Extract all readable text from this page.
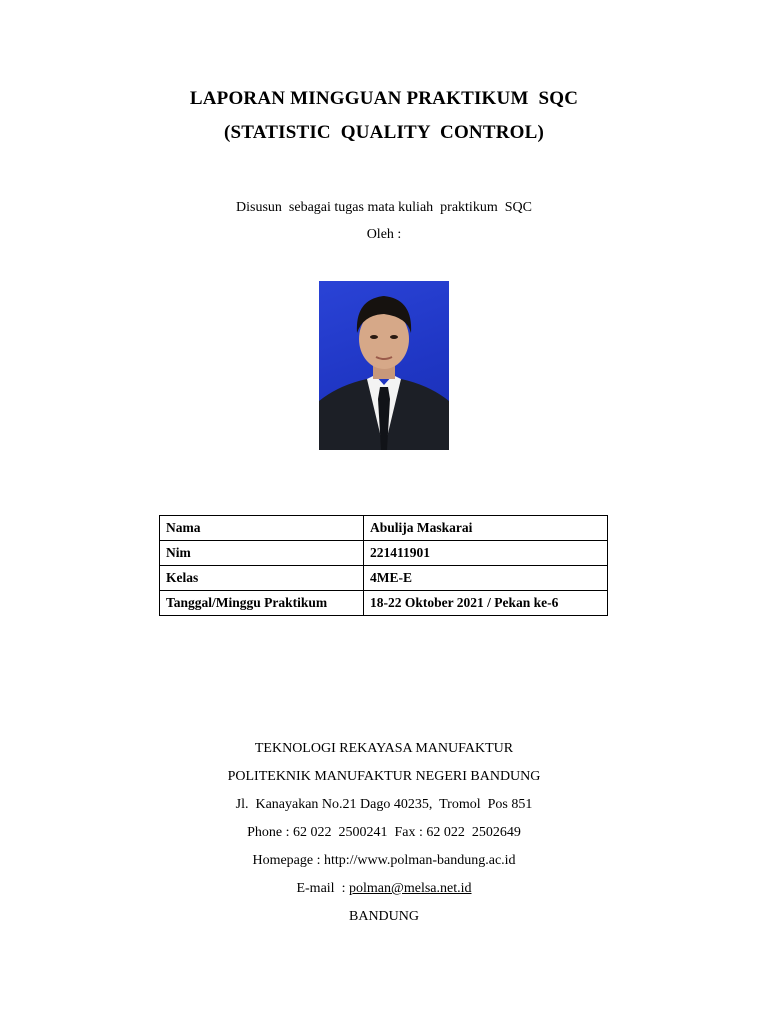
LAPORAN MINGGUAN PRAKTIKUM  SQC
(STATISTIC  QUALITY  CONTROL)
Disusun  sebagai tugas mata kuliah  praktikum  SQC
Oleh :
Nama	Abulija Maskarai
Nim	221411901
Kelas	4ME-E
Tanggal/Minggu Praktikum	18-22 Oktober 2021 / Pekan ke-6
TEKNOLOGI REKAYASA MANUFAKTUR
POLITEKNIK MANUFAKTUR NEGERI BANDUNG
Jl.  Kanayakan No.21 Dago 40235,  Tromol  Pos 851
Phone : 62 022  2500241  Fax : 62 022  2502649
Homepage : http://www.polman-bandung.ac.id
E-mail  : polman@melsa.net.id
BANDUNG
